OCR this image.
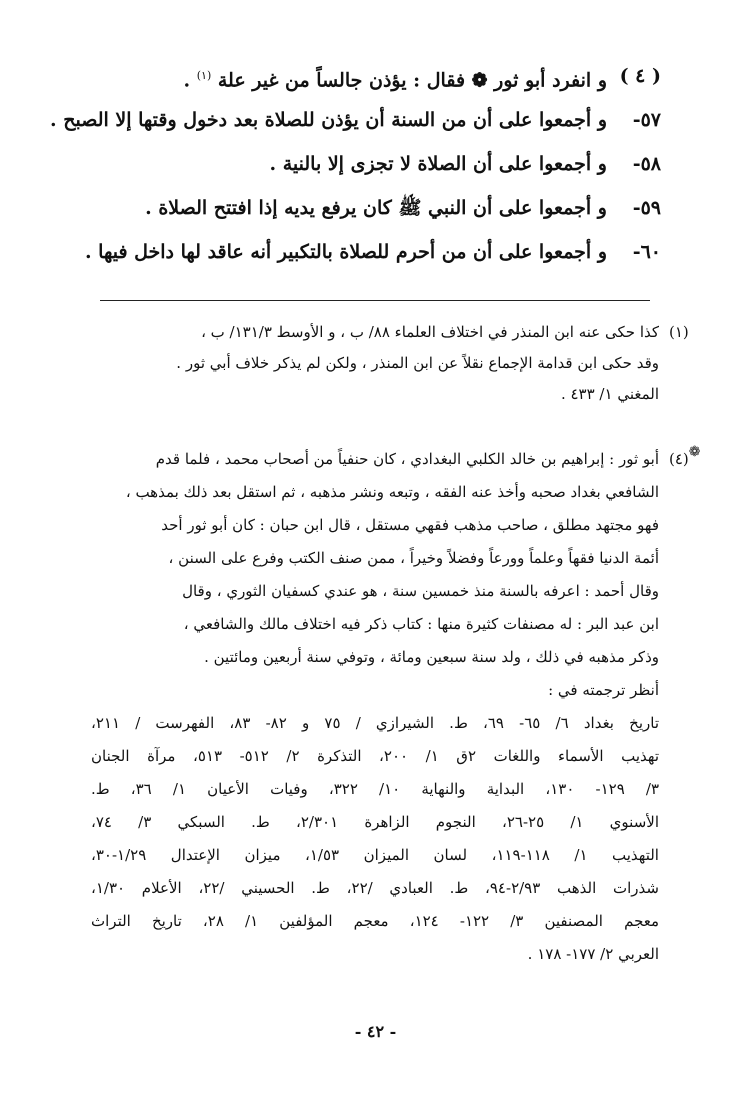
( ٤ )
و انفرد أبو ثور ❁ فقال : يؤذن جالساً من غير علة $^{(١)}$ .
٥٧-
و أجمعوا على أن من السنة أن يؤذن للصلاة بعد دخول وقتها إلا الصبح .
٥٨-
و أجمعوا على أن الصلاة لا تجزى إلا بالنية .
٥٩-
و أجمعوا على أن النبي ﷺ كان يرفع يديه إذا افتتح الصلاة .
٦٠-
و أجمعوا على أن من أحرم للصلاة بالتكبير أنه عاقد لها داخل فيها .
(١)
كذا حكى عنه ابن المنذر في اختلاف العلماء ٨٨/ ب ، و الأوسط ١٣١/٣/ ب ،
وقد حكى ابن قدامة الإجماع نقلاً عن ابن المنذر ، ولكن لم يذكر خلاف أبي ثور .
المغني ١/ ٤٣٣ .
❁(٤)
أبو ثور : إبراهيم بن خالد الكلبي البغدادي ، كان حنفياً من أصحاب محمد ، فلما قدم
الشافعي بغداد صحبه وأخذ عنه الفقه ، وتبعه ونشر مذهبه ، ثم استقل بعد ذلك بمذهب ،
فهو مجتهد مطلق ، صاحب مذهب فقهي مستقل ، قال ابن حبان : كان أبو ثور أحد
أئمة الدنيا فقهاً وعلماً وورعاً وفضلاً وخيراً ، ممن صنف الكتب وفرع على السنن ،
وقال أحمد : اعرفه بالسنة منذ خمسين سنة ، هو عندي كسفيان الثوري ، وقال
ابن عبد البر : له مصنفات كثيرة منها : كتاب ذكر فيه اختلاف مالك والشافعي ،
وذكر مذهبه في ذلك ، ولد سنة سبعين ومائة ، وتوفي سنة أربعين ومائتين .
أنظر ترجمته في :
تاريخ بغداد ٦/ ٦٥- ٦٩، ط. الشيرازي / ٧٥ و ٨٢- ٨٣، الفهرست / ٢١١،
تهذيب الأسماء واللغات ٢ق ١/ ٢٠٠، التذكرة ٢/ ٥١٢- ٥١٣، مرآة الجنان
٣/ ١٢٩- ١٣٠، البداية والنهاية ١٠/ ٣٢٢، وفيات الأعيان ١/ ٣٦، ط.
الأسنوي ١/ ٢٥-٢٦، النجوم الزاهرة ٢/٣٠١، ط. السبكي ٣/ ٧٤،
التهذيب ١/ ١١٨-١١٩، لسان الميزان ١/٥٣، ميزان الإعتدال ١/٢٩-٣٠،
شذرات الذهب ٢/٩٣-٩٤، ط. العبادي /٢٢، ط. الحسيني /٢٢، الأعلام ١/٣٠،
معجم المصنفين ٣/ ١٢٢- ١٢٤، معجم المؤلفين ١/ ٢٨، تاريخ التراث
العربي ٢/ ١٧٧- ١٧٨ .
- ٤٢ -
